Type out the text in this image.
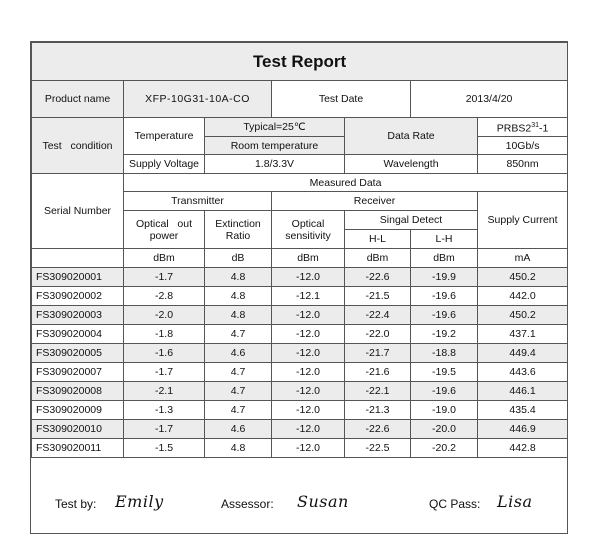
Test Report						
Product name	XFP-10G31-10A-CO		Test Date		2013/4/20	
Test   condition	Temperature	Typical=25℃		Data Rate		$PRBS2^{31}-1$
		Room temperature				10Gb/s
	Supply Voltage	1.8/3.3V		Wavelength		850nm
Serial Number	Measured Data					
	Transmitter		Receiver			Supply Current
	Optical   out power	Extinction Ratio	Optical sensitivity	Singal Detect		
				H-L	L-H	
	dBm	dB	dBm	dBm	dBm	mA
FS309020001	-1.7	4.8	-12.0	-22.6	-19.9	450.2
FS309020002	-2.8	4.8	-12.1	-21.5	-19.6	442.0
FS309020003	-2.0	4.8	-12.0	-22.4	-19.6	450.2
FS309020004	-1.8	4.7	-12.0	-22.0	-19.2	437.1
FS309020005	-1.6	4.6	-12.0	-21.7	-18.8	449.4
FS309020007	-1.7	4.7	-12.0	-21.6	-19.5	443.6
FS309020008	-2.1	4.7	-12.0	-22.1	-19.6	446.1
FS309020009	-1.3	4.7	-12.0	-21.3	-19.0	435.4
FS309020010	-1.7	4.6	-12.0	-22.6	-20.0	446.9
FS309020011	-1.5	4.8	-12.0	-22.5	-20.2	442.8
Test by: Emily	Assessor: Susan	QC Pass: Lisa
